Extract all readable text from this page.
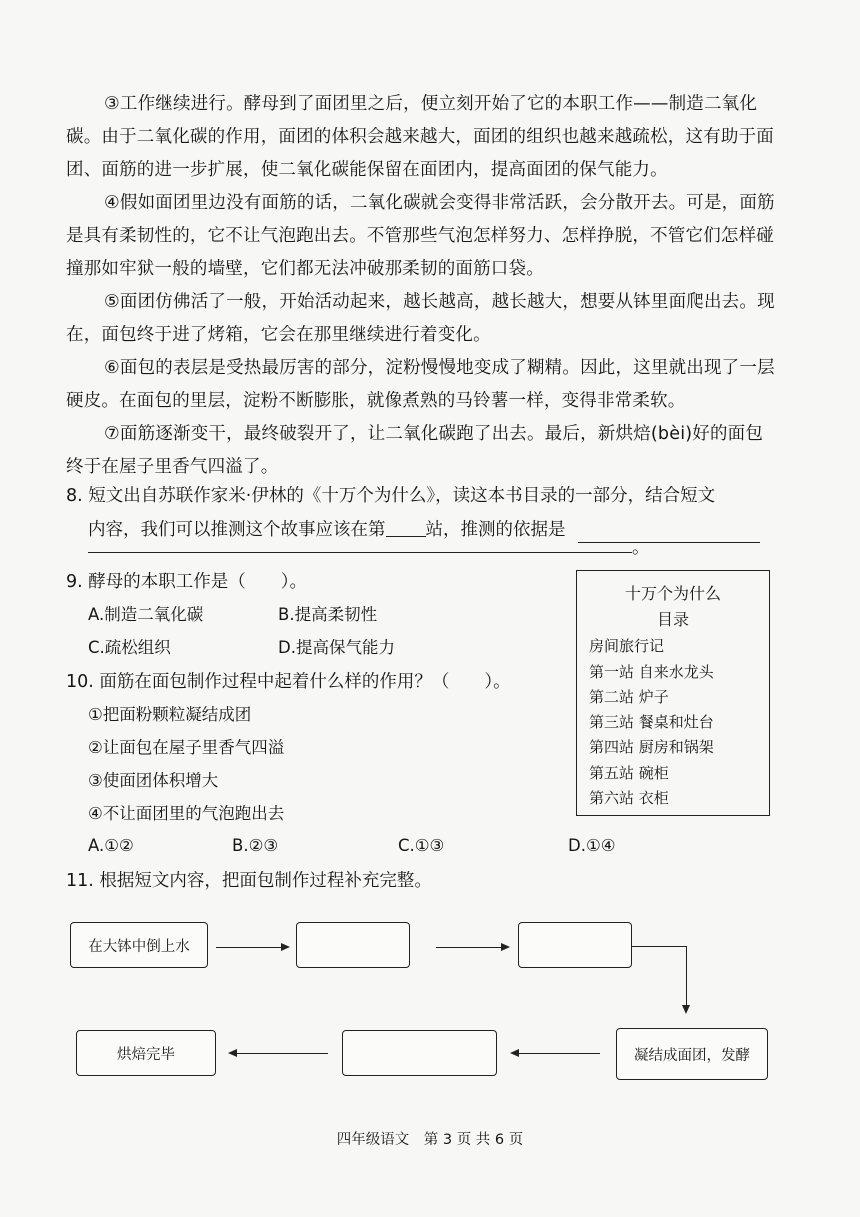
③工作继续进行。酵母到了面团里之后，便立刻开始了它的本职工作——制造二氧化碳。由于二氧化碳的作用，面团的体积会越来越大，面团的组织也越来越疏松，这有助于面团、面筋的进一步扩展，使二氧化碳能保留在面团内，提高面团的保气能力。

④假如面团里边没有面筋的话，二氧化碳就会变得非常活跃，会分散开去。可是，面筋是具有柔韧性的，它不让气泡跑出去。不管那些气泡怎样努力、怎样挣脱，不管它们怎样碰撞那如牢狱一般的墙壁，它们都无法冲破那柔韧的面筋口袋。

⑤面团仿佛活了一般，开始活动起来，越长越高，越长越大，想要从钵里面爬出去。现在，面包终于进了烤箱，它会在那里继续进行着变化。

⑥面包的表层是受热最厉害的部分，淀粉慢慢地变成了糊精。因此，这里就出现了一层硬皮。在面包的里层，淀粉不断膨胀，就像煮熟的马铃薯一样，变得非常柔软。

⑦面筋逐渐变干，最终破裂开了，让二氧化碳跑了出去。最后，新烘焙(bèi)好的面包终于在屋子里香气四溢了。

8. 短文出自苏联作家米·伊林的《十万个为什么》，读这本书目录的一部分，结合短文
内容，我们可以推测这个故事应该在第 站，推测的依据是
。
9. 酵母的本职工作是（　　）。
A.制造二氧化碳	B.提高柔韧性
C.疏松组织	D.提高保气能力
十万个为什么
目录
房间旅行记
第一站 自来水龙头
第二站 炉子
第三站 餐桌和灶台
第四站 厨房和锅架
第五站 碗柜
第六站 衣柜
10. 面筋在面包制作过程中起着什么样的作用？（　　）。
①把面粉颗粒凝结成团
②让面包在屋子里香气四溢
③使面团体积增大
④不让面团里的气泡跑出去
A.①②	B.②③	C.①③	D.①④
11. 根据短文内容，把面包制作过程补充完整。
在大钵中倒上水
凝结成面团，发酵
烘焙完毕
四年级语文　第 3 页 共 6 页
